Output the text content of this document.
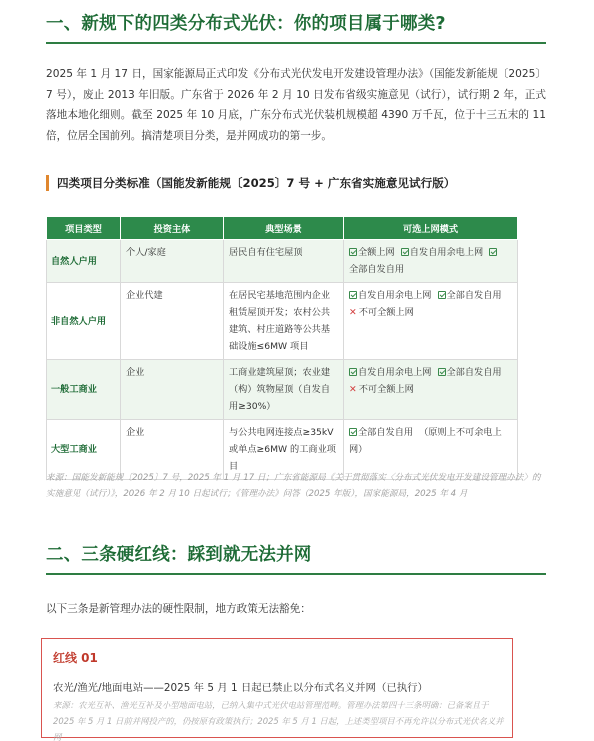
一、新规下的四类分布式光伏：你的项目属于哪类?
2025 年 1 月 17 日，国家能源局正式印发《分布式光伏发电开发建设管理办法》（国能发新能规〔2025〕7 号），废止 2013 年旧版。广东省于 2026 年 2 月 10 日发布省级实施意见（试行），试行期 2 年，正式落地本地化细则。截至 2025 年 10 月底，广东分布式光伏装机规模超 4390 万千瓦，位于十三五末的 11 倍，位居全国前列。搞清楚项目分类，是并网成功的第一步。
四类项目分类标准（国能发新能规〔2025〕7 号 + 广东省实施意见试行版）
项目类型	投资主体	典型场景	可选上网模式
自然人户用	个人/家庭	居民自有住宅屋顶	全额上网 自发自用余电上网
全部自发自用
非自然人户用	企业代建	在居民宅基地范围内企业租赁屋顶开发；农村公共建筑、村庄道路等公共基础设施≤6MW 项目	自发自用余电上网 全部自发自用
✕ 不可全额上网
一般工商业	企业	工商业建筑屋顶；农业建（构）筑物屋顶（自发自用≥30%）	自发自用余电上网 全部自发自用
✕ 不可全额上网
大型工商业	企业	与公共电网连接点≥35kV 或单点≥6MW 的工商业项目	全部自发自用 （原则上不可余电上网）
来源：国能发新能规〔2025〕7 号，2025 年 1 月 17 日；广东省能源局《关于贯彻落实〈分布式光伏发电开发建设管理办法〉的实施意见（试行）》，2026 年 2 月 10 日起试行；《管理办法》问答（2025 年版），国家能源局，2025 年 4 月
二、三条硬红线：踩到就无法并网
以下三条是新管理办法的硬性限制，地方政策无法豁免：
红线 01
农光/渔光/地面电站——2025 年 5 月 1 日起已禁止以分布式名义并网（已执行）
来源：农光互补、渔光互补及小型地面电站，已纳入集中式光伏电站管理范畴。管理办法第四十三条明确：已备案且于 2025 年 5 月 1 日前并网投产的，仍按原有政策执行；2025 年 5 月 1 日起，上述类型项目不再允许以分布式光伏名义并网
